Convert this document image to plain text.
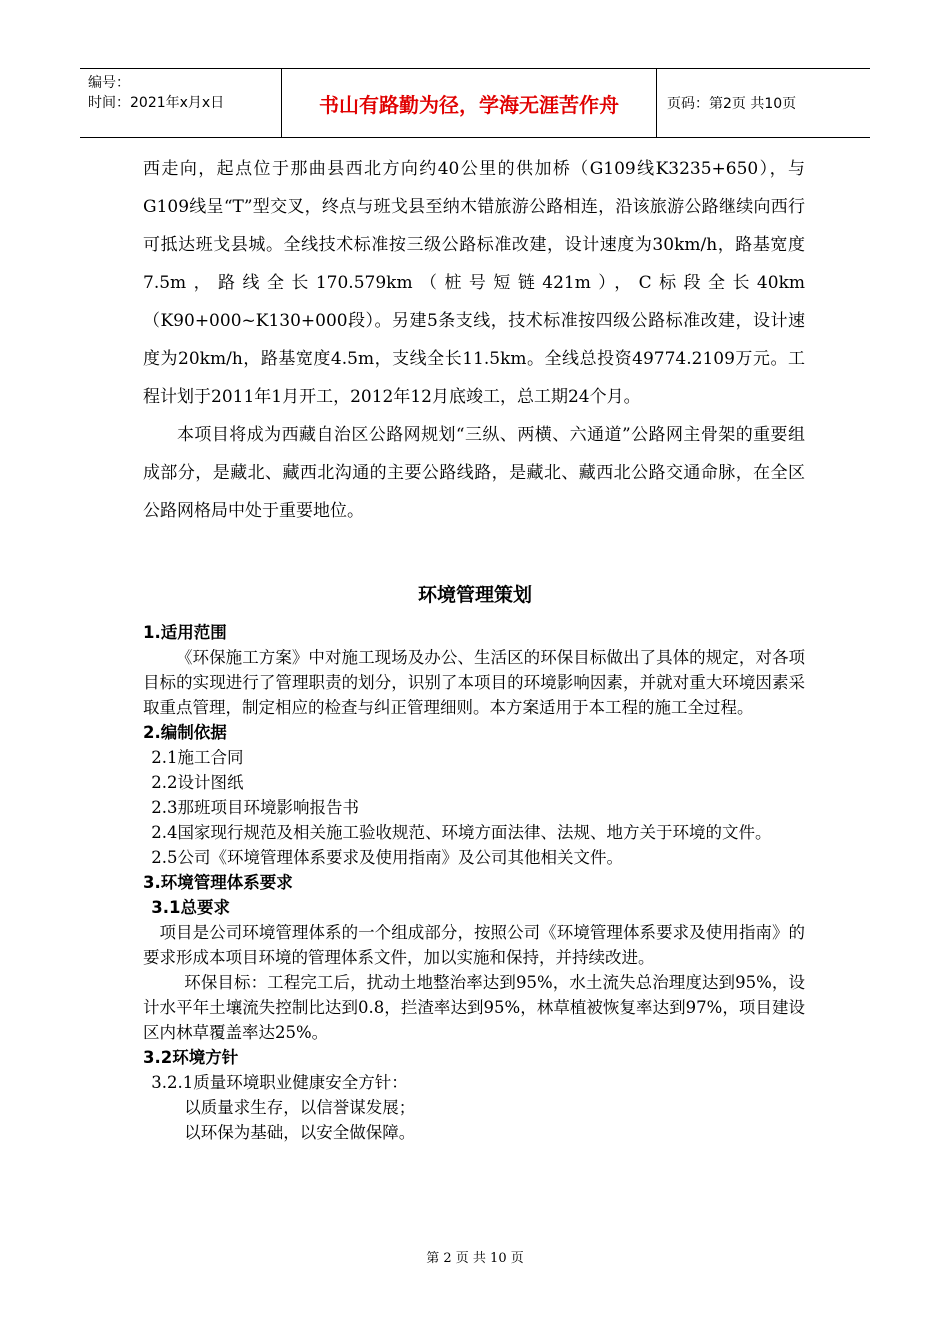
编号：
时间：2021年x月x日	书山有路勤为径，学海无涯苦作舟	页码：第2页 共10页

西走向，起点位于那曲县西北方向约40公里的供加桥（G109线K3235+650），与G109线呈“T”型交叉，终点与班戈县至纳木错旅游公路相连，沿该旅游公路继续向西行可抵达班戈县城。全线技术标准按三级公路标准改建，设计速度为30km/h，路基宽度7.5m，路线全长170.579km（桩号短链421m），C标段全长40km（K90+000~K130+000段）。另建5条支线，技术标准按四级公路标准改建，设计速度为20km/h，路基宽度4.5m，支线全长11.5km。全线总投资49774.2109万元。工程计划于2011年1月开工，2012年12月底竣工，总工期24个月。

本项目将成为西藏自治区公路网规划“三纵、两横、六通道”公路网主骨架的重要组成部分，是藏北、藏西北沟通的主要公路线路，是藏北、藏西北公路交通命脉，在全区公路网格局中处于重要地位。

环境管理策划

1.适用范围

《环保施工方案》中对施工现场及办公、生活区的环保目标做出了具体的规定，对各项目标的实现进行了管理职责的划分，识别了本项目的环境影响因素，并就对重大环境因素采取重点管理，制定相应的检查与纠正管理细则。本方案适用于本工程的施工全过程。

2.编制依据

2.1施工合同

2.2设计图纸

2.3那班项目环境影响报告书

2.4国家现行规范及相关施工验收规范、环境方面法律、法规、地方关于环境的文件。

2.5公司《环境管理体系要求及使用指南》及公司其他相关文件。

3.环境管理体系要求

3.1总要求

项目是公司环境管理体系的一个组成部分，按照公司《环境管理体系要求及使用指南》的要求形成本项目环境的管理体系文件，加以实施和保持，并持续改进。

环保目标：工程完工后，扰动土地整治率达到95%，水土流失总治理度达到95%，设计水平年土壤流失控制比达到0.8，拦渣率达到95%，林草植被恢复率达到97%，项目建设区内林草覆盖率达25%。

3.2环境方针

3.2.1质量环境职业健康安全方针：

以质量求生存，以信誉谋发展；

以环保为基础，以安全做保障。

第 2 页 共 10 页
